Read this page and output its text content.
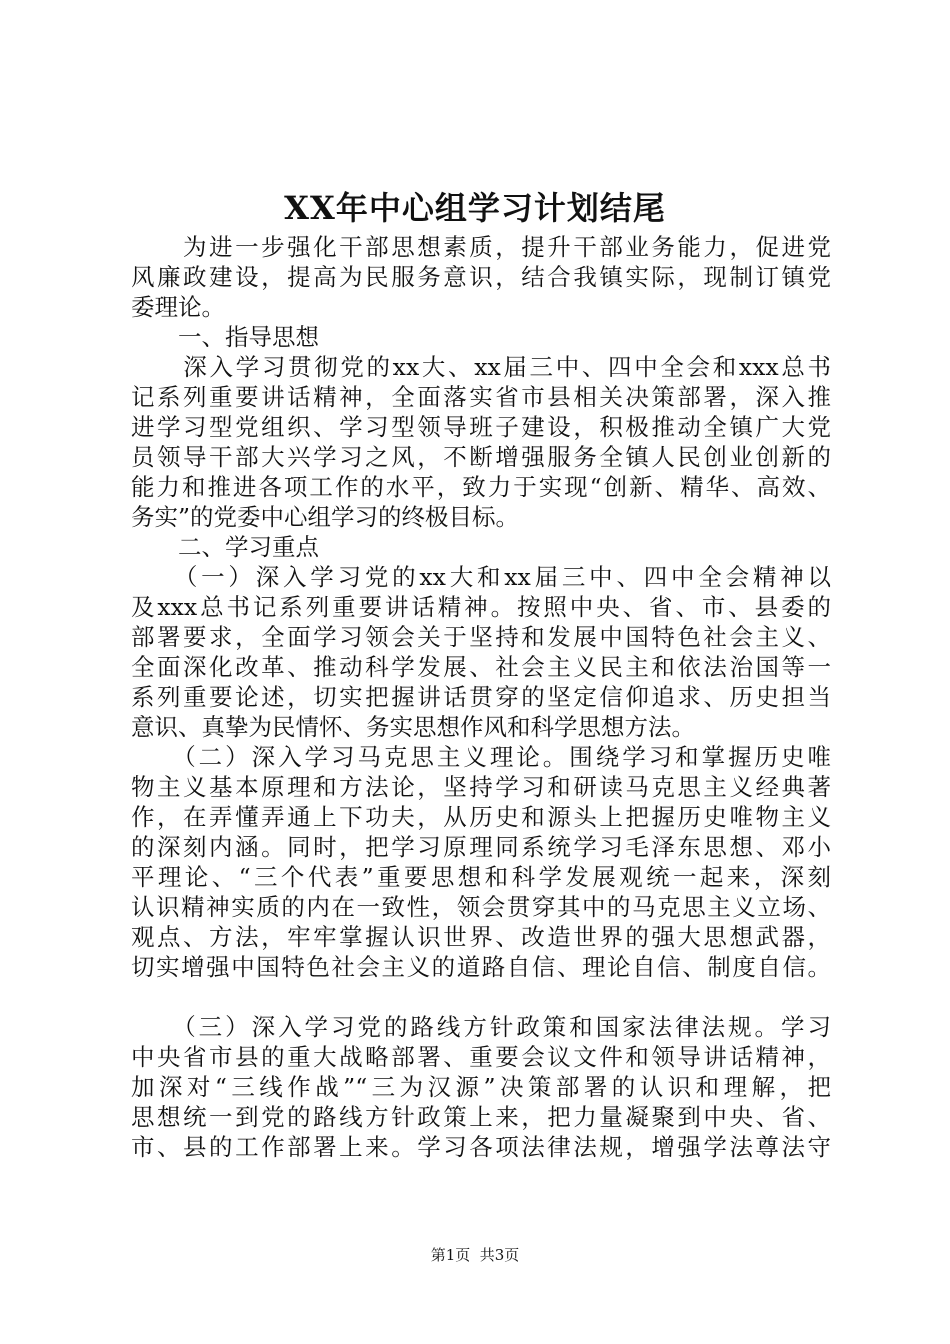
XX年中心组学习计划结尾
　　为进一步强化干部思想素质，提升干部业务能力，促进党
风廉政建设，提高为民服务意识，结合我镇实际，现制订镇党
委理论。
　　一、指导思想
　　深入学习贯彻党的xx大、xx届三中、四中全会和xxx总书
记系列重要讲话精神，全面落实省市县相关决策部署，深入推
进学习型党组织、学习型领导班子建设，积极推动全镇广大党
员领导干部大兴学习之风，不断增强服务全镇人民创业创新的
能力和推进各项工作的水平，致力于实现“创新、精华、高效、
务实”的党委中心组学习的终极目标。
　　二、学习重点
　　（一）深入学习党的xx大和xx届三中、四中全会精神以
及xxx总书记系列重要讲话精神。按照中央、省、市、县委的
部署要求，全面学习领会关于坚持和发展中国特色社会主义、
全面深化改革、推动科学发展、社会主义民主和依法治国等一
系列重要论述，切实把握讲话贯穿的坚定信仰追求、历史担当
意识、真挚为民情怀、务实思想作风和科学思想方法。
　　（二）深入学习马克思主义理论。围绕学习和掌握历史唯
物主义基本原理和方法论，坚持学习和研读马克思主义经典著
作，在弄懂弄通上下功夫，从历史和源头上把握历史唯物主义
的深刻内涵。同时，把学习原理同系统学习毛泽东思想、邓小
平理论、“三个代表”重要思想和科学发展观统一起来，深刻
认识精神实质的内在一致性，领会贯穿其中的马克思主义立场、
观点、方法，牢牢掌握认识世界、改造世界的强大思想武器，
切实增强中国特色社会主义的道路自信、理论自信、制度自信。
　　（三）深入学习党的路线方针政策和国家法律法规。学习
中央省市县的重大战略部署、重要会议文件和领导讲话精神，
加深对“三线作战”“三为汉源”决策部署的认识和理解，把
思想统一到党的路线方针政策上来，把力量凝聚到中央、省、
市、县的工作部署上来。学习各项法律法规，增强学法尊法守
第1页  共3页
